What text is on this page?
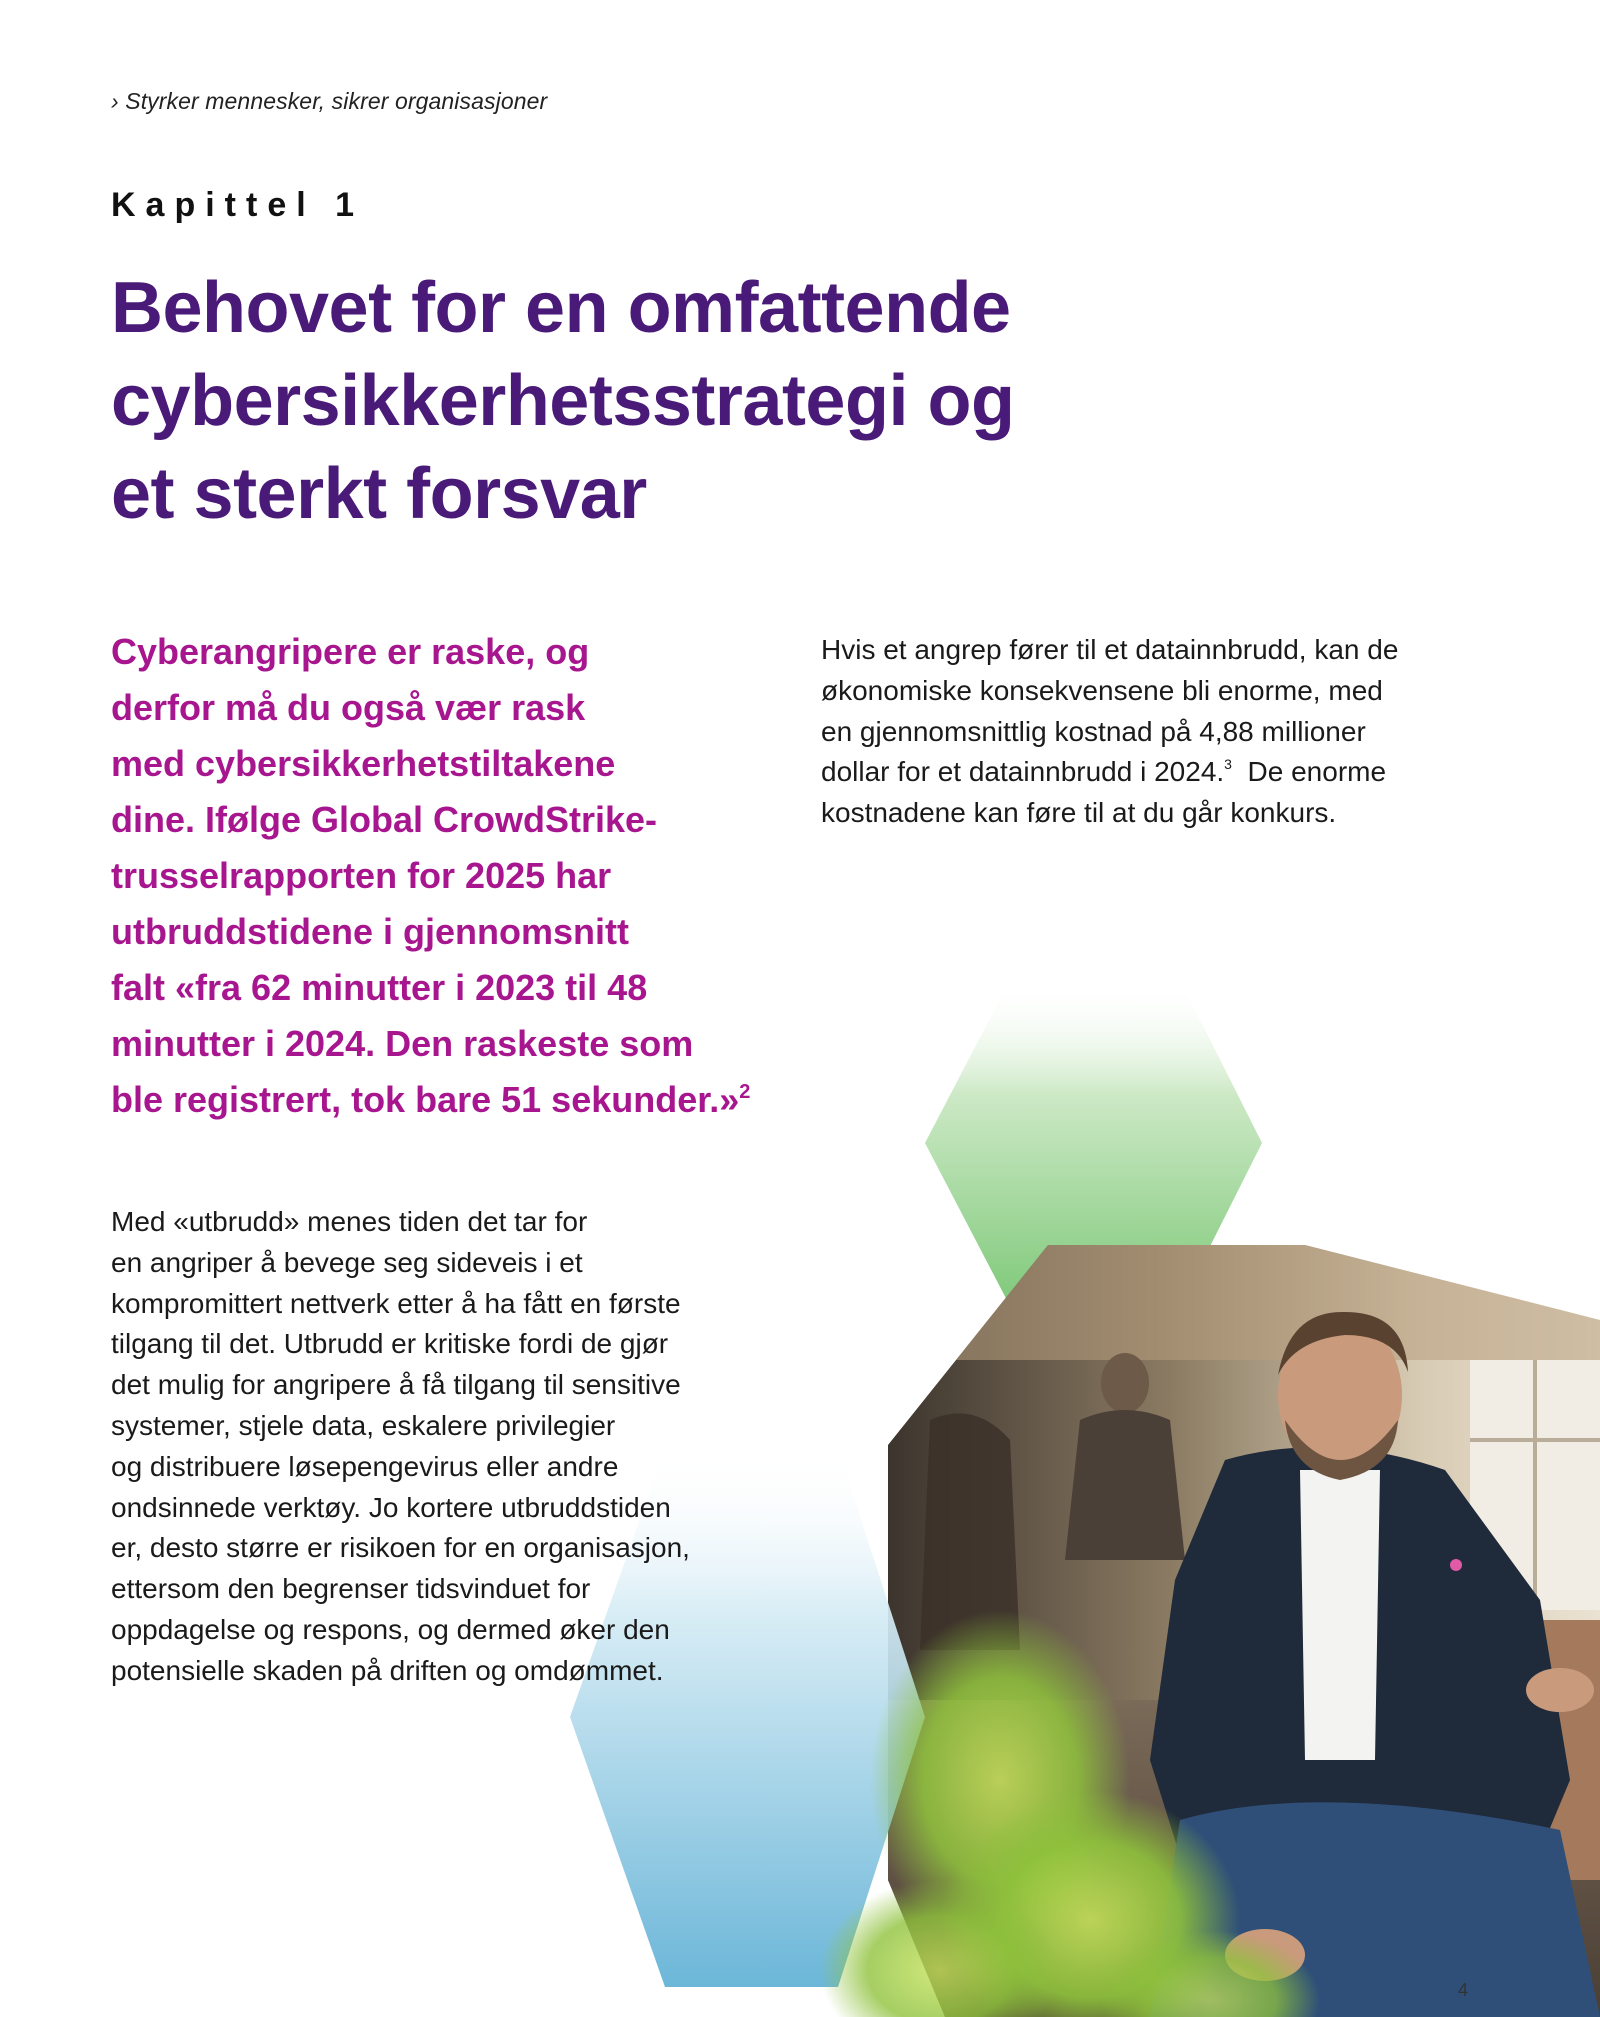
› Styrker mennesker, sikrer organisasjoner
Kapittel 1
Behovet for en omfattende
cybersikkerhetsstrategi og
et sterkt forsvar
Cyberangripere er raske, og
derfor må du også vær rask
med cybersikkerhetstiltakene
dine. Ifølge Global CrowdStrike-
trusselrapporten for 2025 har
utbruddstidene i gjennomsnitt
falt «fra 62 minutter i 2023 til 48
minutter i 2024. Den raskeste som
ble registrert, tok bare 51 sekunder.»$^2$
Hvis et angrep fører til et datainnbrudd, kan de
økonomiske konsekvensene bli enorme, med
en gjennomsnittlig kostnad på 4,88 millioner
dollar for et datainnbrudd i 2024.$^3$ De enorme
kostnadene kan føre til at du går konkurs.
Med «utbrudd» menes tiden det tar for
en angriper å bevege seg sideveis i et
kompromittert nettverk etter å ha fått en første
tilgang til det. Utbrudd er kritiske fordi de gjør
det mulig for angripere å få tilgang til sensitive
systemer, stjele data, eskalere privilegier
og distribuere løsepengevirus eller andre
ondsinnede verktøy. Jo kortere utbruddstiden
er, desto større er risikoen for en organisasjon,
ettersom den begrenser tidsvinduet for
oppdagelse og respons, og dermed øker den
potensielle skaden på driften og omdømmet.
4
